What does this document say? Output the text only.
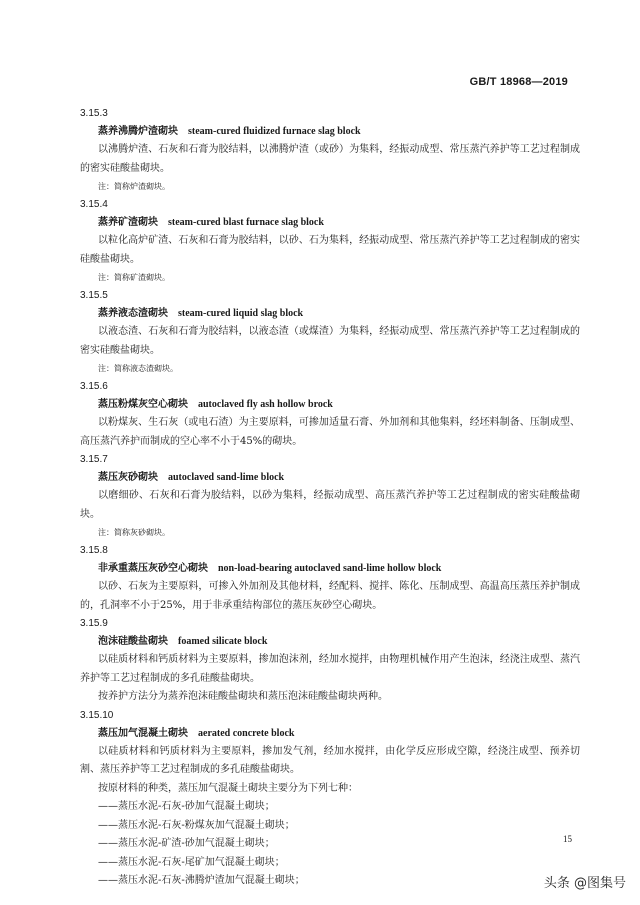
GB/T 18968—2019
3.15.3
蒸养沸腾炉渣砌块 steam-cured fluidized furnace slag block

以沸腾炉渣、石灰和石膏为胶结料，以沸腾炉渣（或砂）为集料，经振动成型、常压蒸汽养护等工艺过程制成的密实硅酸盐砌块。

注：简称炉渣砌块。
3.15.4
蒸养矿渣砌块 steam-cured blast furnace slag block

以粒化高炉矿渣、石灰和石膏为胶结料，以砂、石为集料，经振动成型、常压蒸汽养护等工艺过程制成的密实硅酸盐砌块。

注：简称矿渣砌块。
3.15.5
蒸养液态渣砌块 steam-cured liquid slag block

以液态渣、石灰和石膏为胶结料，以液态渣（或煤渣）为集料，经振动成型、常压蒸汽养护等工艺过程制成的密实硅酸盐砌块。

注：简称液态渣砌块。
3.15.6
蒸压粉煤灰空心砌块 autoclaved fly ash hollow brock

以粉煤灰、生石灰（或电石渣）为主要原料，可掺加适量石膏、外加剂和其他集料，经坯料制备、压制成型、高压蒸汽养护而制成的空心率不小于45%的砌块。

3.15.7
蒸压灰砂砌块 autoclaved sand-lime block

以磨细砂、石灰和石膏为胶结料，以砂为集料，经振动成型、高压蒸汽养护等工艺过程制成的密实硅酸盐砌块。

注：简称灰砂砌块。
3.15.8
非承重蒸压灰砂空心砌块 non-load-bearing autoclaved sand-lime hollow block

以砂、石灰为主要原料，可掺入外加剂及其他材料，经配料、搅拌、陈化、压制成型、高温高压蒸压养护制成的，孔洞率不小于25%，用于非承重结构部位的蒸压灰砂空心砌块。

3.15.9
泡沫硅酸盐砌块 foamed silicate block

以硅质材料和钙质材料为主要原料，掺加泡沫剂，经加水搅拌，由物理机械作用产生泡沫，经浇注成型、蒸汽养护等工艺过程制成的多孔硅酸盐砌块。

按养护方法分为蒸养泡沫硅酸盐砌块和蒸压泡沫硅酸盐砌块两种。

3.15.10
蒸压加气混凝土砌块 aerated concrete block

以硅质材料和钙质材料为主要原料，掺加发气剂，经加水搅拌，由化学反应形成空隙，经浇注成型、预养切割、蒸压养护等工艺过程制成的多孔硅酸盐砌块。

按原材料的种类，蒸压加气混凝土砌块主要分为下列七种：

——蒸压水泥-石灰-砂加气混凝土砌块；
——蒸压水泥-石灰-粉煤灰加气混凝土砌块；
——蒸压水泥-矿渣-砂加气混凝土砌块；
——蒸压水泥-石灰-尾矿加气混凝土砌块；
——蒸压水泥-石灰-沸腾炉渣加气混凝土砌块；
15
头条 @图集号
